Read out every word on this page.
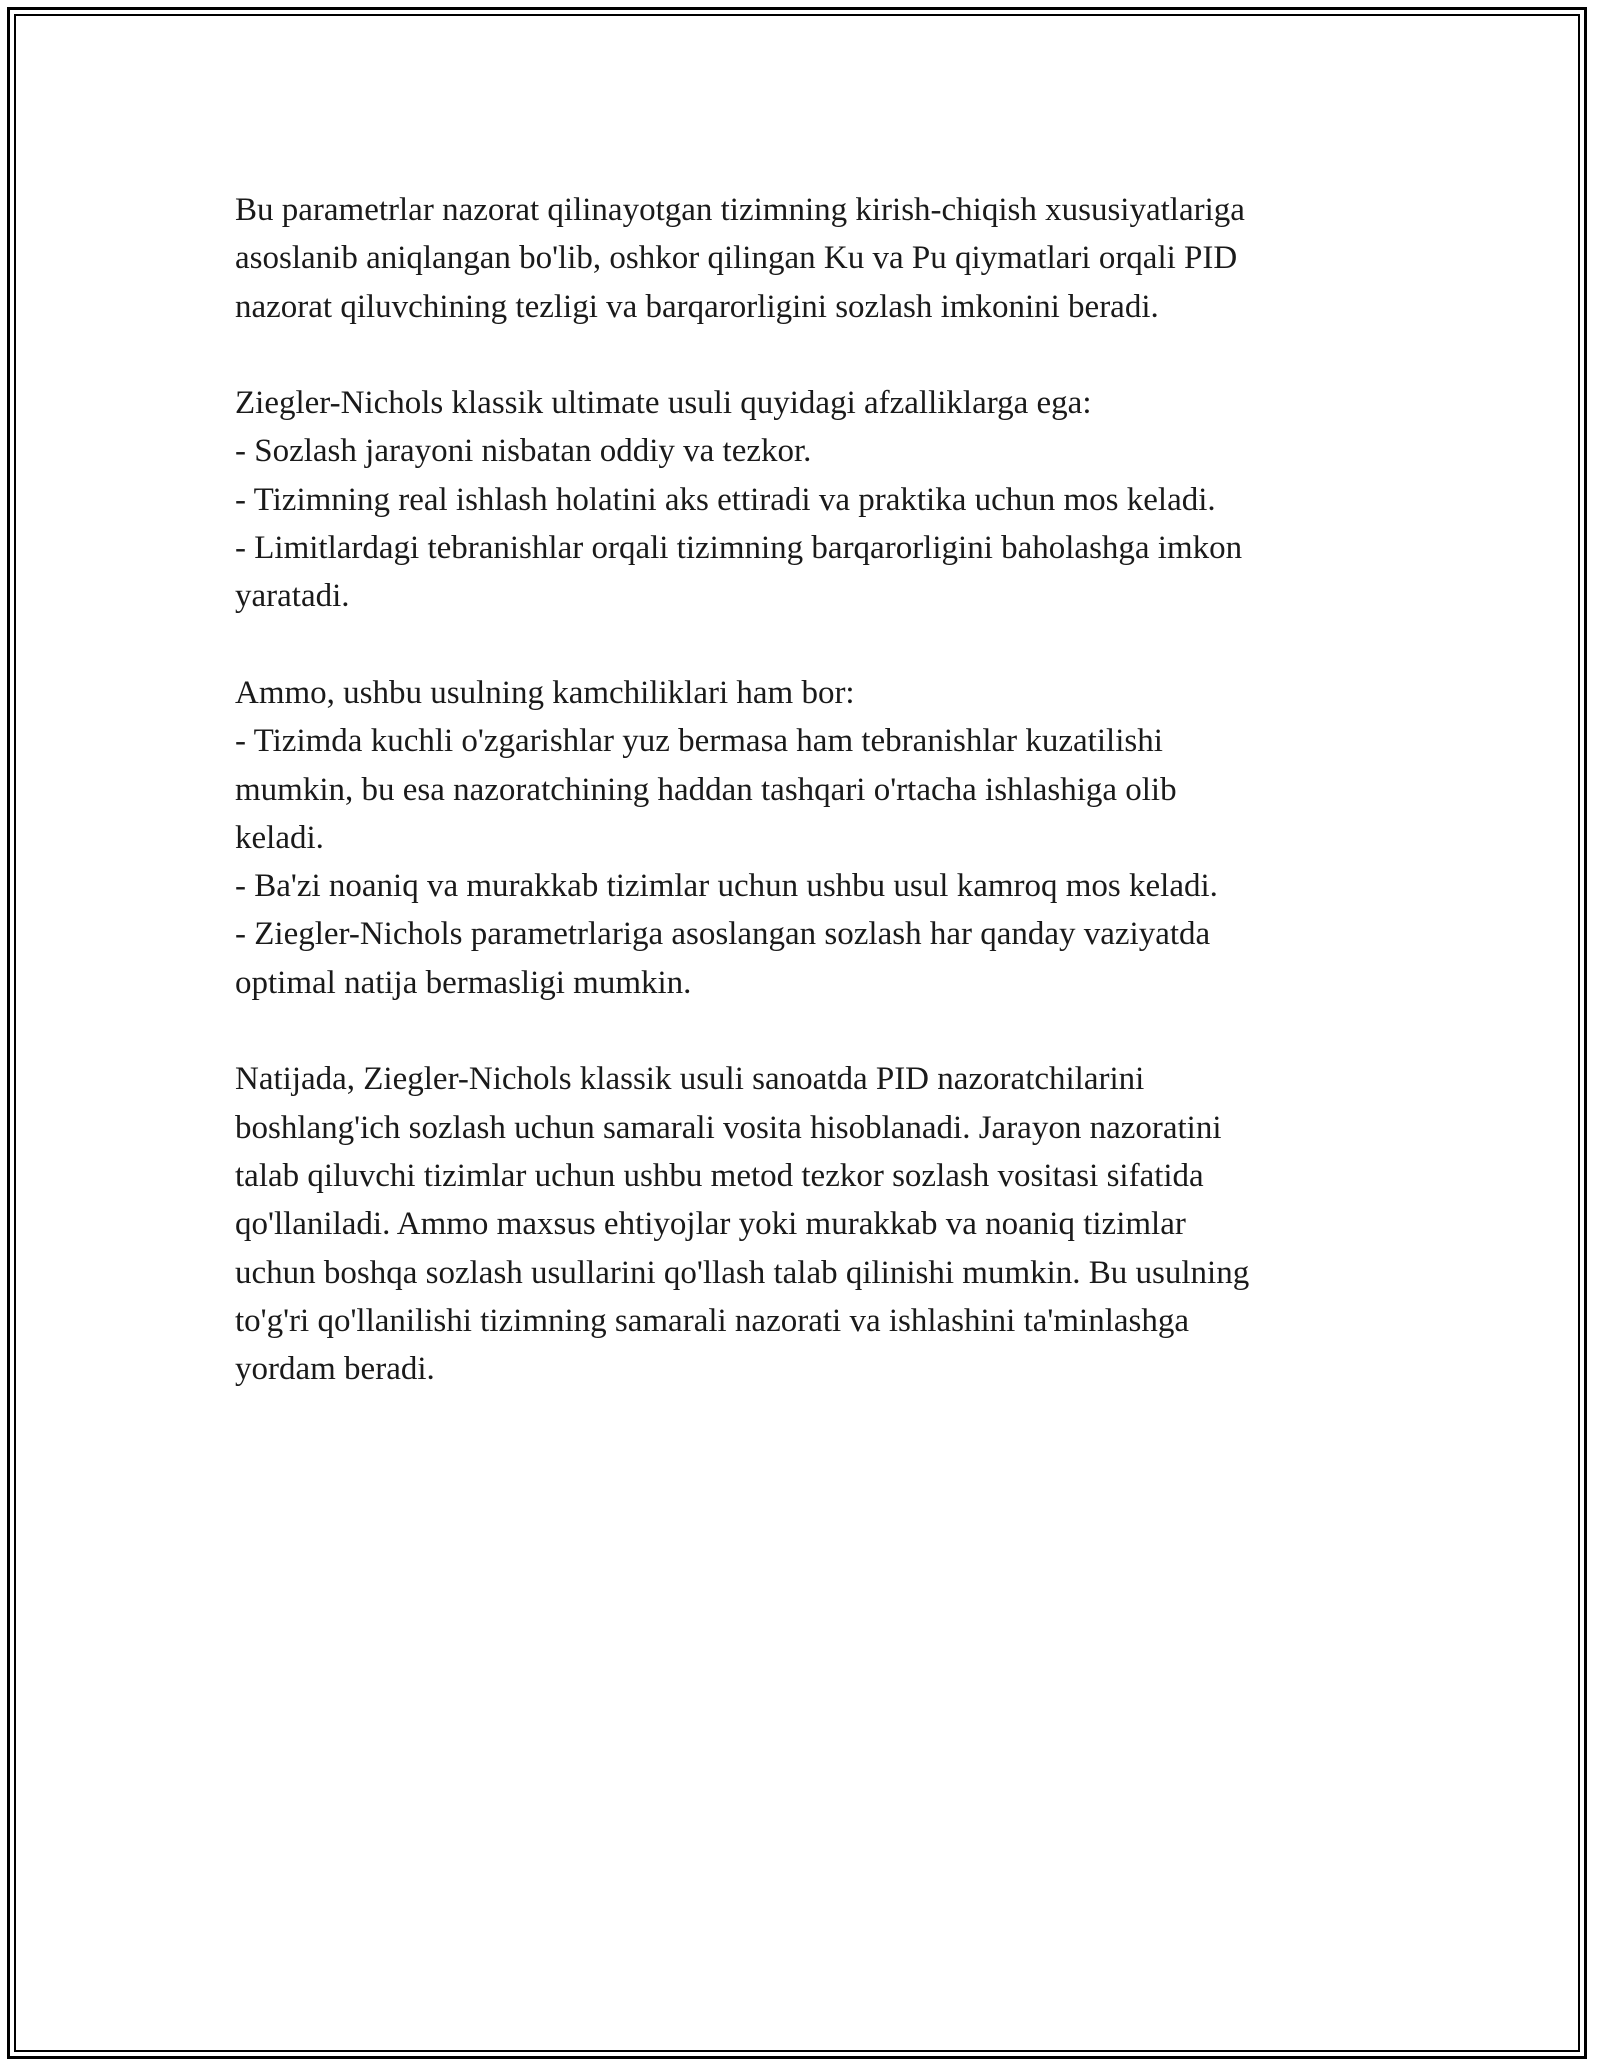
Bu parametrlar nazorat qilinayotgan tizimning kirish-chiqish xususiyatlariga
asoslanib aniqlangan bo'lib, oshkor qilingan Ku va Pu qiymatlari orqali PID
nazorat qiluvchining tezligi va barqarorligini sozlash imkonini beradi.

Ziegler-Nichols klassik ultimate usuli quyidagi afzalliklarga ega:
- Sozlash jarayoni nisbatan oddiy va tezkor.
- Tizimning real ishlash holatini aks ettiradi va praktika uchun mos keladi.
- Limitlardagi tebranishlar orqali tizimning barqarorligini baholashga imkon
yaratadi.

Ammo, ushbu usulning kamchiliklari ham bor:
- Tizimda kuchli o'zgarishlar yuz bermasa ham tebranishlar kuzatilishi
mumkin, bu esa nazoratchining haddan tashqari o'rtacha ishlashiga olib
keladi.
- Ba'zi noaniq va murakkab tizimlar uchun ushbu usul kamroq mos keladi.
- Ziegler-Nichols parametrlariga asoslangan sozlash har qanday vaziyatda
optimal natija bermasligi mumkin.

Natijada, Ziegler-Nichols klassik usuli sanoatda PID nazoratchilarini
boshlang'ich sozlash uchun samarali vosita hisoblanadi. Jarayon nazoratini
talab qiluvchi tizimlar uchun ushbu metod tezkor sozlash vositasi sifatida
qo'llaniladi. Ammo maxsus ehtiyojlar yoki murakkab va noaniq tizimlar
uchun boshqa sozlash usullarini qo'llash talab qilinishi mumkin. Bu usulning
to'g'ri qo'llanilishi tizimning samarali nazorati va ishlashini ta'minlashga
yordam beradi.
